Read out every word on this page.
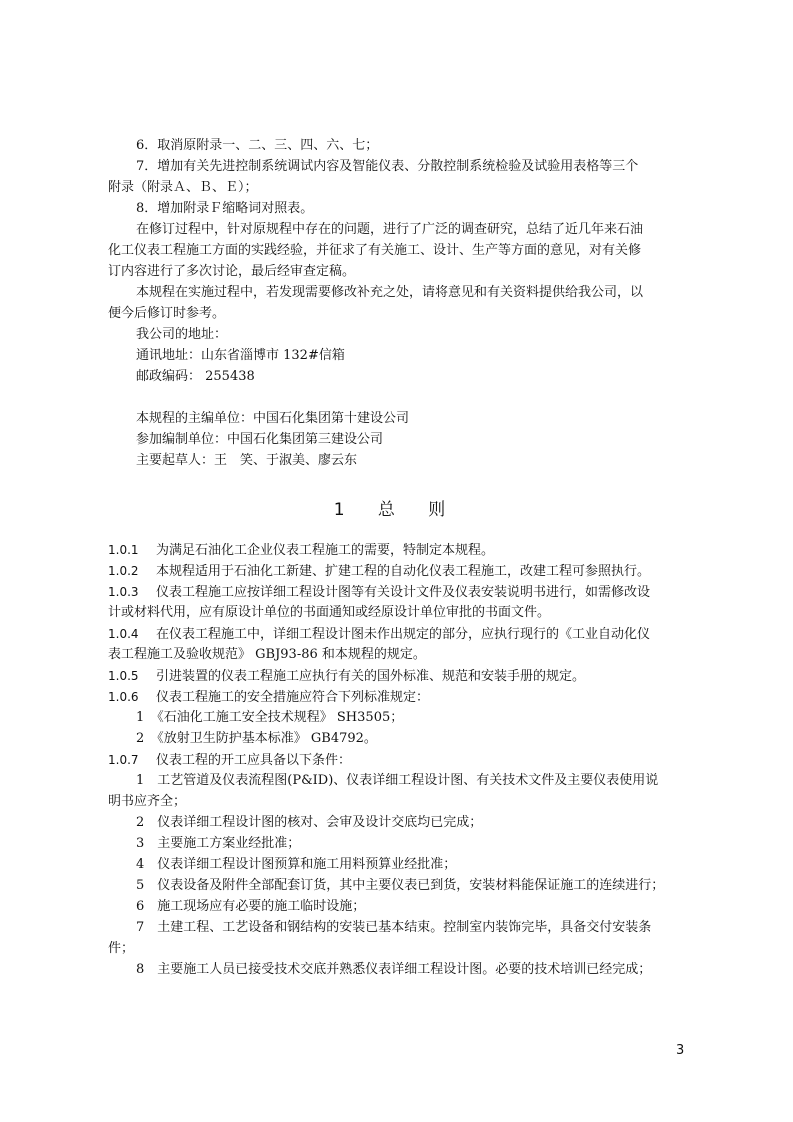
6．取消原附录一、二、三、四、六、七；
7．增加有关先进控制系统调试内容及智能仪表、分散控制系统检验及试验用表格等三个
附录（附录Ａ、Ｂ、Ｅ）；
8．增加附录Ｆ缩略词对照表。
在修订过程中，针对原规程中存在的问题，进行了广泛的调查研究，总结了近几年来石油
化工仪表工程施工方面的实践经验，并征求了有关施工、设计、生产等方面的意见，对有关修
订内容进行了多次讨论，最后经审查定稿。
本规程在实施过程中，若发现需要修改补充之处，请将意见和有关资料提供给我公司，以
便今后修订时参考。
我公司的地址：
通讯地址：山东省淄博市 132#信箱
邮政编码： 255438
本规程的主编单位：中国石化集团第十建设公司
参加编制单位：中国石化集团第三建设公司
主要起草人：王　笑、于淑美、廖云东
1 总 则
1.0.1 为满足石油化工企业仪表工程施工的需要，特制定本规程。
1.0.2 本规程适用于石油化工新建、扩建工程的自动化仪表工程施工，改建工程可参照执行。
1.0.3 仪表工程施工应按详细工程设计图等有关设计文件及仪表安装说明书进行，如需修改设
计或材料代用，应有原设计单位的书面通知或经原设计单位审批的书面文件。
1.0.4 在仪表工程施工中，详细工程设计图未作出规定的部分，应执行现行的《工业自动化仪
表工程施工及验收规范》 GBJ93-86 和本规程的规定。
1.0.5 引进装置的仪表工程施工应执行有关的国外标准、规范和安装手册的规定。
1.0.6 仪表工程施工的安全措施应符合下列标准规定：
1　《石油化工施工安全技术规程》 SH3505；
2　《放射卫生防护基本标准》 GB4792。
1.0.7 仪表工程的开工应具备以下条件：
1　工艺管道及仪表流程图(P&ID)、仪表详细工程设计图、有关技术文件及主要仪表使用说
明书应齐全；
2　仪表详细工程设计图的核对、会审及设计交底均已完成；
3　主要施工方案业经批准；
4　仪表详细工程设计图预算和施工用料预算业经批准；
5　仪表设备及附件全部配套订货，其中主要仪表已到货，安装材料能保证施工的连续进行；
6　施工现场应有必要的施工临时设施；
7　土建工程、工艺设备和钢结构的安装已基本结束。控制室内装饰完毕，具备交付安装条
件；
8　主要施工人员已接受技术交底并熟悉仪表详细工程设计图。必要的技术培训已经完成；
3
